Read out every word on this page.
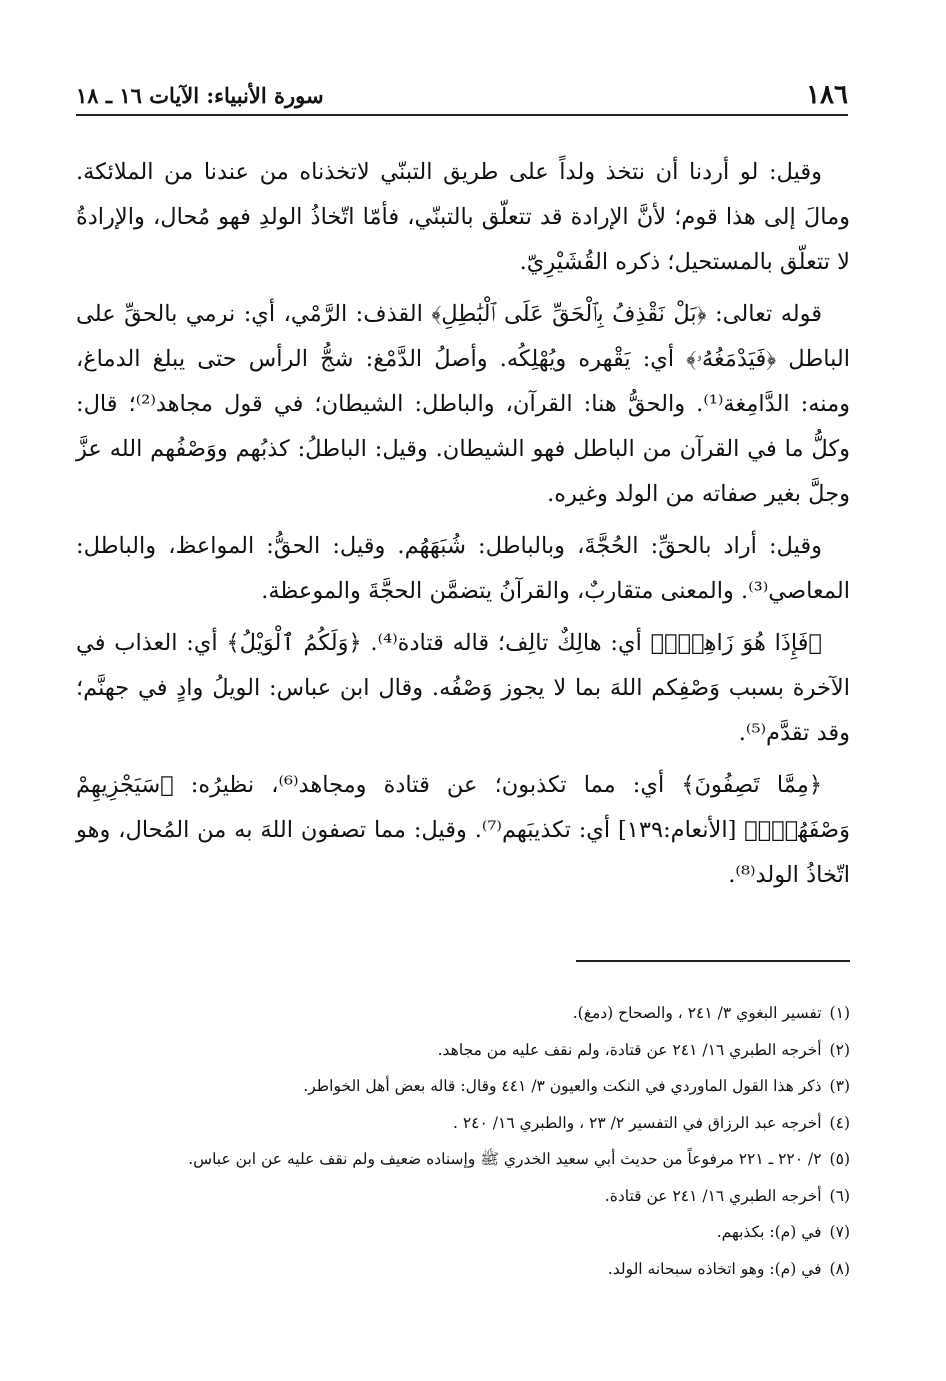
١٨٦
سورة الأنبياء: الآيات ١٦ ـ ١٨

وقيل: لو أردنا أن نتخذ ولداً على طريق التبنّي لاتخذناه من عندنا من الملائكة. ومالَ إلى هذا قوم؛ لأنَّ الإرادة قد تتعلّق بالتبنّي، فأمّا اتّخاذُ الولدِ فهو مُحال، والإرادةُ لا تتعلّق بالمستحيل؛ ذكره القُشَيْرِيّ.

قوله تعالى: ﴿بَلْ نَقْذِفُ بِٱلْحَقِّ عَلَى ٱلْبَٰطِلِ﴾ القذف: الرَّمْي، أي: نرمي بالحقِّ على الباطل ﴿فَيَدْمَغُهُۥ﴾ أي: يَقْهره ويُهْلِكُه. وأصلُ الدَّمْغ: شجُّ الرأس حتى يبلغ الدماغ، ومنه: الدَّامِغة⁽¹⁾. والحقُّ هنا: القرآن، والباطل: الشيطان؛ في قول مجاهد⁽²⁾؛ قال: وكلُّ ما في القرآن من الباطل فهو الشيطان. وقيل: الباطلُ: كذبُهم ووَصْفُهم الله عزَّ وجلَّ بغير صفاته من الولد وغيره.

وقيل: أراد بالحقِّ: الحُجَّةَ، وبالباطل: شُبَهَهُم. وقيل: الحقُّ: المواعظ، والباطل: المعاصي⁽³⁾. والمعنى متقاربٌ، والقرآنُ يتضمَّن الحجَّةَ والموعظة.

﴿فَإِذَا هُوَ زَاهِقٌۚ﴾ أي: هالِكٌ تالِف؛ قاله قتادة⁽⁴⁾. ﴿وَلَكُمُ ٱلْوَيْلُ﴾ أي: العذاب في الآخرة بسبب وَصْفِكم اللهَ بما لا يجوز وَصْفُه. وقال ابن عباس: الويلُ وادٍ في جهنَّم؛ وقد تقدَّم⁽⁵⁾.

﴿مِمَّا تَصِفُونَ﴾ أي: مما تكذبون؛ عن قتادة ومجاهد⁽⁶⁾، نظيرُه: ﴿سَيَجْزِيهِمْ وَصْفَهُمْۚ﴾ [الأنعام:١٣٩] أي: تكذيبَهم⁽⁷⁾. وقيل: مما تصفون اللهَ به من المُحال، وهو اتّخاذُ الولد⁽⁸⁾.

(١)تفسير البغوي ٣/ ٢٤١ ، والصحاح (دمغ).
(٢)أخرجه الطبري ١٦/ ٢٤١ عن قتادة، ولم نقف عليه من مجاهد.
(٣)ذكر هذا القول الماوردي في النكت والعيون ٣/ ٤٤١ وقال: قاله بعض أهل الخواطر.
(٤)أخرجه عبد الرزاق في التفسير ٢/ ٢٣ ، والطبري ١٦/ ٢٤٠ .
(٥)٢/ ٢٢٠ ـ ٢٢١ مرفوعاً من حديث أبي سعيد الخدري ﷺ وإسناده ضعيف ولم نقف عليه عن ابن عباس.
(٦)أخرجه الطبري ١٦/ ٢٤١ عن قتادة.
(٧)في (م): بكذبهم.
(٨)في (م): وهو اتخاذه سبحانه الولد.
